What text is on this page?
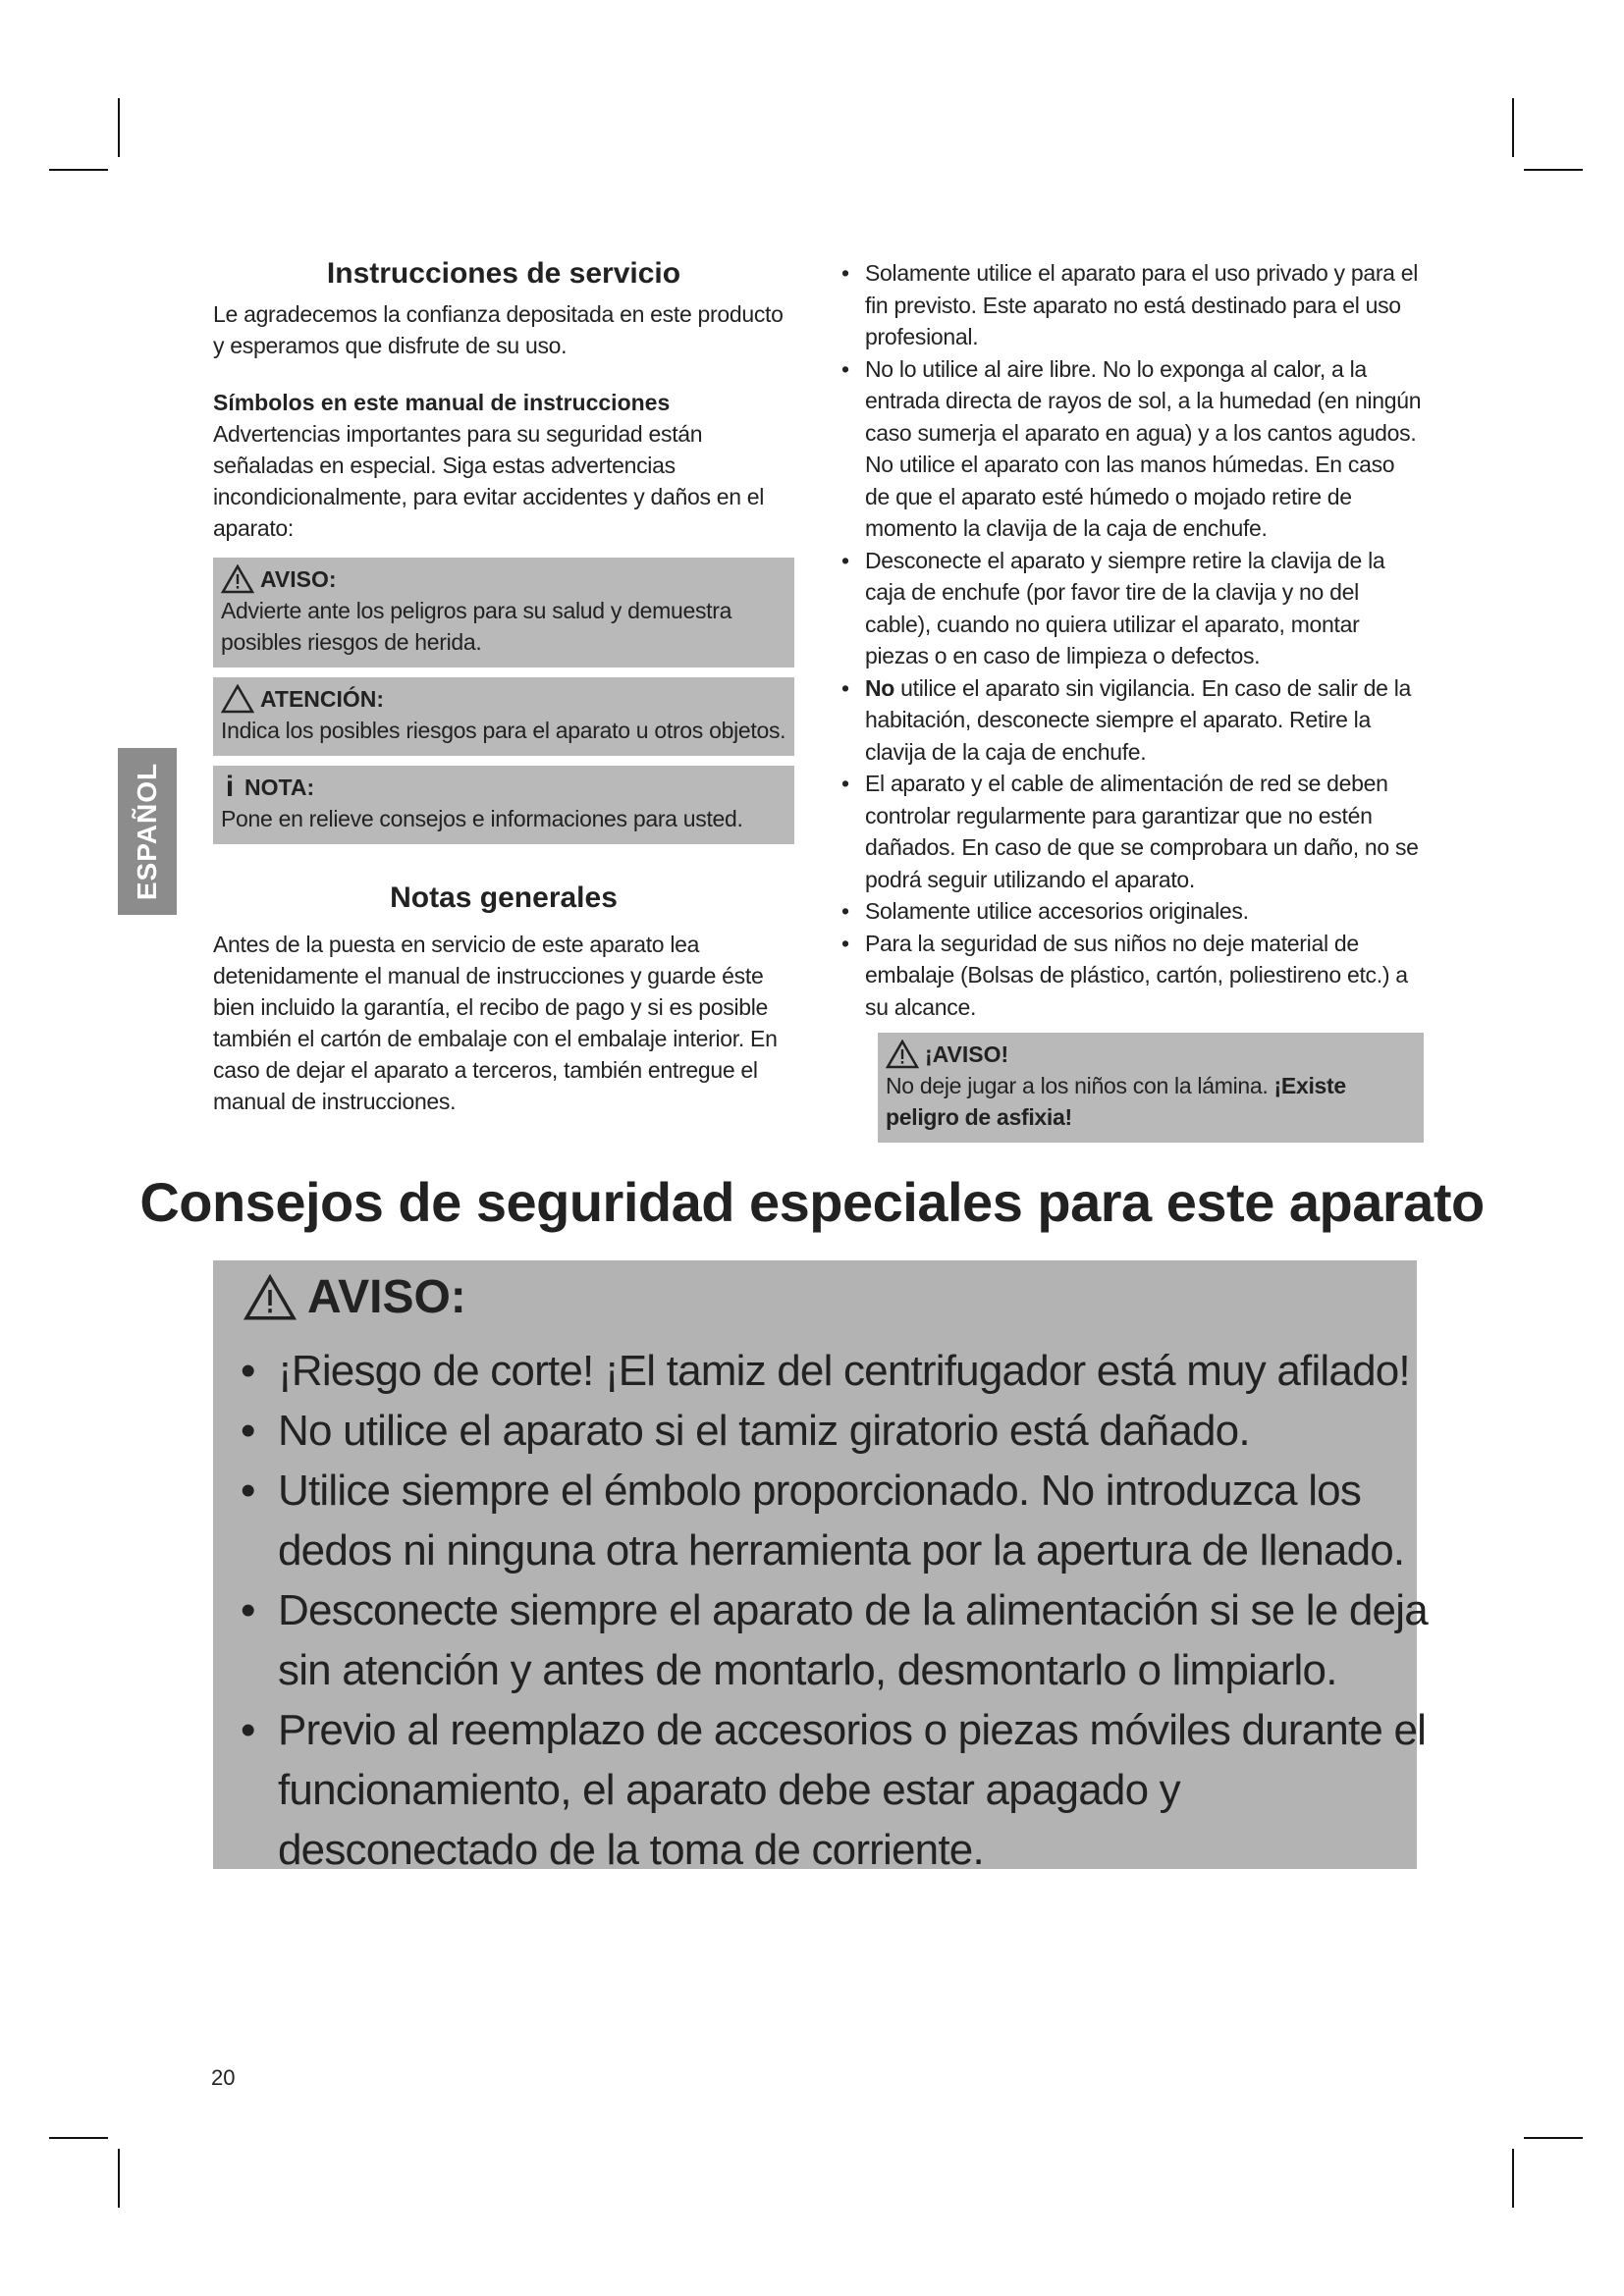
ESPAÑOL
Instrucciones de servicio

Le agradecemos la confianza depositada en este producto y esperamos que disfrute de su uso.

Símbolos en este manual de instrucciones

Advertencias importantes para su seguridad están señaladas en especial. Siga estas advertencias incondicionalmente, para evitar accidentes y daños en el aparato:

AVISO:
Advierte ante los peligros para su salud y demuestra posibles riesgos de herida.
ATENCIÓN:
Indica los posibles riesgos para el aparato u otros objetos.
i NOTA:
Pone en relieve consejos e informaciones para usted.
Notas generales

Antes de la puesta en servicio de este aparato lea detenidamente el manual de instrucciones y guarde éste bien incluido la garantía, el recibo de pago y si es posible también el cartón de embalaje con el embalaje interior. En caso de dejar el aparato a terceros, también entregue el manual de instrucciones.

• Solamente utilice el aparato para el uso privado y para el fin previsto. Este aparato no está destinado para el uso profesional.
• No lo utilice al aire libre. No lo exponga al calor, a la entrada directa de rayos de sol, a la humedad (en ningún caso sumerja el aparato en agua) y a los cantos agudos. No utilice el aparato con las manos húmedas. En caso de que el aparato esté húmedo o mojado retire de momento la clavija de la caja de enchufe.
• Desconecte el aparato y siempre retire la clavija de la caja de enchufe (por favor tire de la clavija y no del cable), cuando no quiera utilizar el aparato, montar piezas o en caso de limpieza o defectos.
• No utilice el aparato sin vigilancia. En caso de salir de la habitación, desconecte siempre el aparato. Retire la clavija de la caja de enchufe.
• El aparato y el cable de alimentación de red se deben controlar regularmente para garantizar que no estén dañados. En caso de que se comprobara un daño, no se podrá seguir utilizando el aparato.
• Solamente utilice accesorios originales.
• Para la seguridad de sus niños no deje material de embalaje (Bolsas de plástico, cartón, poliestireno etc.) a su alcance.
¡AVISO!
No deje jugar a los niños con la lámina. ¡Existe peligro de asfixia!
Consejos de seguridad especiales para este aparato
AVISO:
• ¡Riesgo de corte! ¡El tamiz del centrifugador está muy afilado!
• No utilice el aparato si el tamiz giratorio está dañado.
• Utilice siempre el émbolo proporcionado. No introduzca los dedos ni ninguna otra herramienta por la apertura de llenado.
• Desconecte siempre el aparato de la alimentación si se le deja sin atención y antes de montarlo, desmontarlo o limpiarlo.
• Previo al reemplazo de accesorios o piezas móviles durante el funcionamiento, el aparato debe estar apagado y desconectado de la toma de corriente.
20
